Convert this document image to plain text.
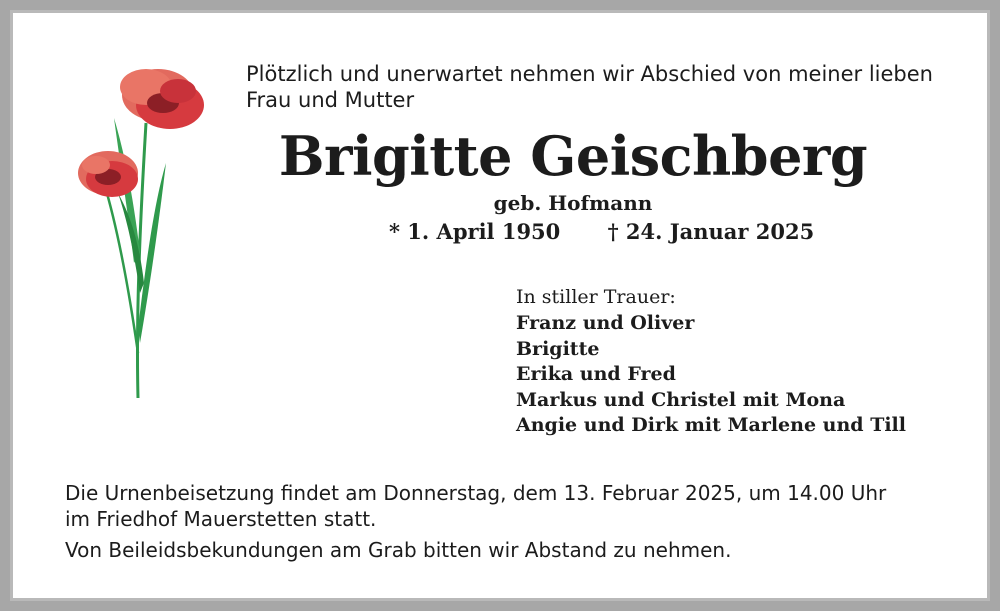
Plötzlich und unerwartet nehmen wir Abschied von meiner lieben
Frau und Mutter
Brigitte Geischberg
geb. Hofmann
* 1. April 1950 † 24. Januar 2025
In stiller Trauer:
Franz und Oliver
Brigitte
Erika und Fred
Markus und Christel mit Mona
Angie und Dirk mit Marlene und Till
Die Urnenbeisetzung findet am Donnerstag, dem 13. Februar 2025, um 14.00 Uhr
im Friedhof Mauerstetten statt.
Von Beileidsbekundungen am Grab bitten wir Abstand zu nehmen.
